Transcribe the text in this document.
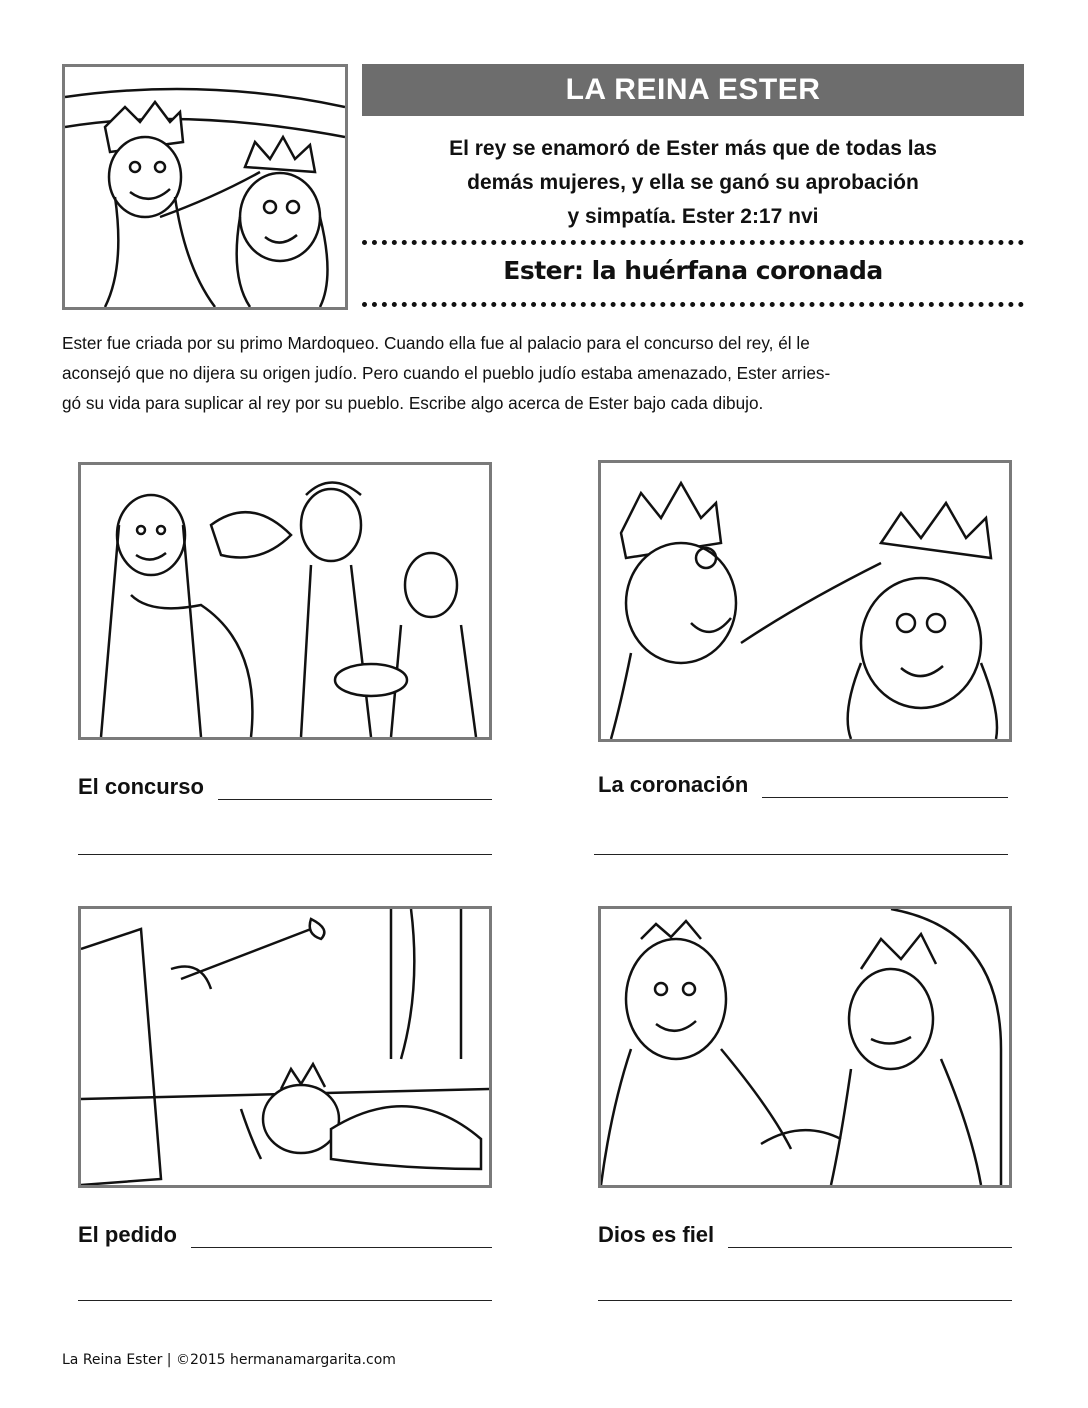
LA REINA ESTER
El rey se enamoró de Ester más que de todas las
demás mujeres, y ella se ganó su aprobación
y simpatía. Ester 2:17 nvi
Ester: la huérfana coronada
Ester fue criada por su primo Mardoqueo. Cuando ella fue al palacio para el concurso del rey, él le
aconsejó que no dijera su origen judío. Pero cuando el pueblo judío estaba amenazado, Ester arries-
gó su vida para suplicar al rey por su pueblo. Escribe algo acerca de Ester bajo cada dibujo.
El concurso	La coronación
El pedido	Dios es fiel
La Reina Ester | ©2015 hermanamargarita.com
